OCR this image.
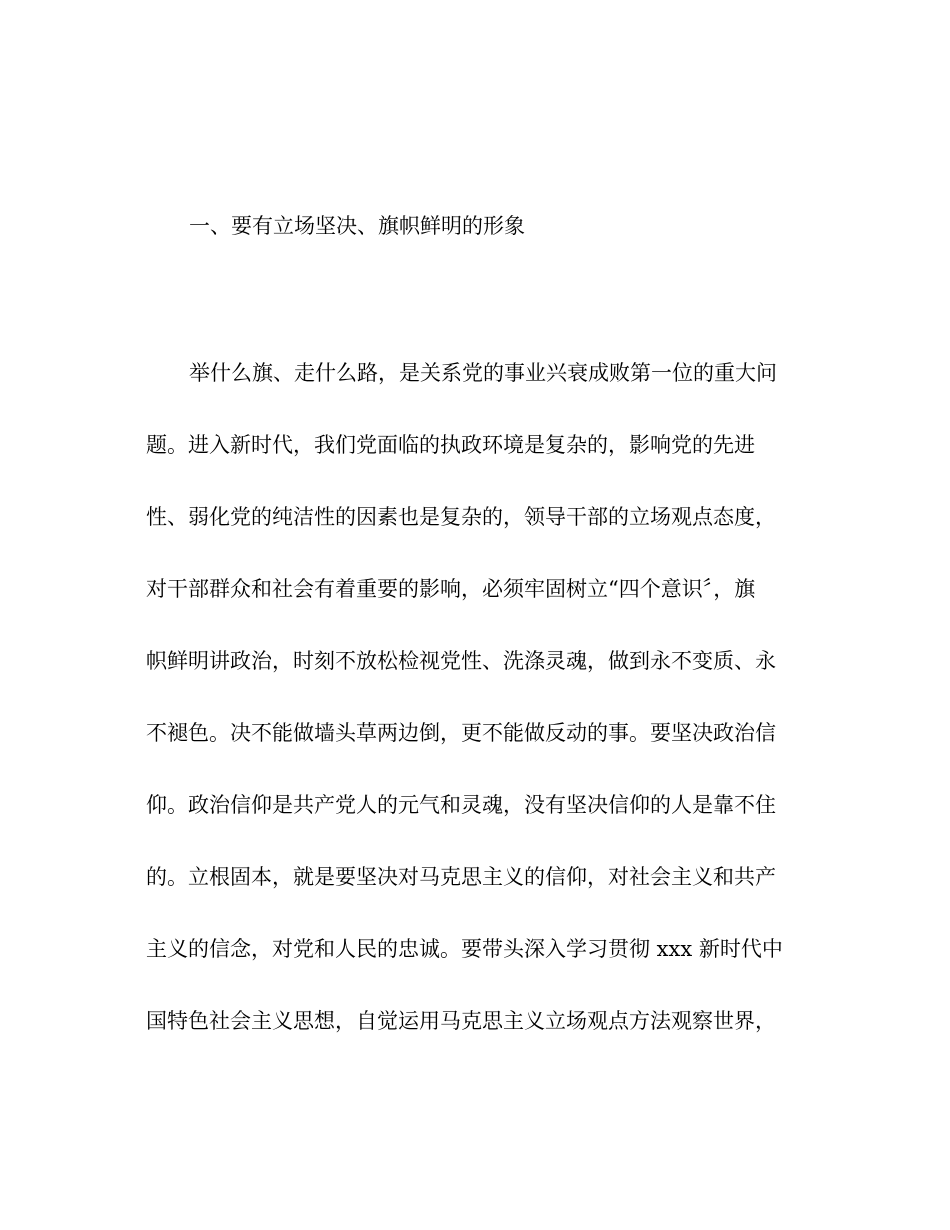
一、要有立场坚决、旗帜鲜明的形象

举什么旗、走什么路，是关系党的事业兴衰成败第一位的重大问

题。进入新时代，我们党面临的执政环境是复杂的，影响党的先进

性、弱化党的纯洁性的因素也是复杂的，领导干部的立场观点态度，

对干部群众和社会有着重要的影响，必须牢固树立“四个意识〞，旗

帜鲜明讲政治，时刻不放松检视党性、洗涤灵魂，做到永不变质、永

不褪色。决不能做墙头草两边倒，更不能做反动的事。要坚决政治信

仰。政治信仰是共产党人的元气和灵魂，没有坚决信仰的人是靠不住

的。立根固本，就是要坚决对马克思主义的信仰，对社会主义和共产

主义的信念，对党和人民的忠诚。要带头深入学习贯彻 xxx 新时代中

国特色社会主义思想，自觉运用马克思主义立场观点方法观察世界，
